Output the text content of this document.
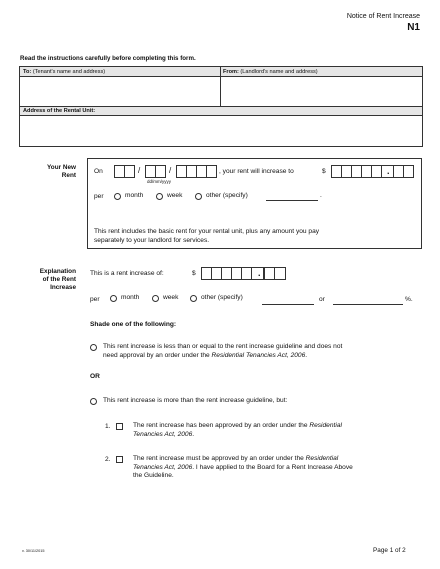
Notice of Rent Increase
N1
Read the instructions carefully before completing this form.
To: (Tenant's name and address)	From: (Landlord's name and address)
Address of the Rental Unit:
Your New
Rent
On	/	/
dd/mm/yyyy
, your rent will increase to	$	.
per	month	week	other (specify)	.
This rent includes the basic rent for your rental unit, plus any amount you pay
separately to your landlord for services.
Explanation
of the Rent
Increase
This is a rent increase of:	$	.
per	month	week	other (specify)	or	%.
Shade one of the following:
This rent increase is less than or equal to the rent increase guideline and does not
need approval by an order under the Residential Tenancies Act, 2006.
OR
This rent increase is more than the rent increase guideline, but:
1.	The rent increase has been approved by an order under the Residential
Tenancies Act, 2006.
2.	The rent increase must be approved by an order under the Residential
Tenancies Act, 2006. I have applied to the Board for a Rent Increase Above
the Guideline.
v. 30/11/2015	Page 1 of 2
